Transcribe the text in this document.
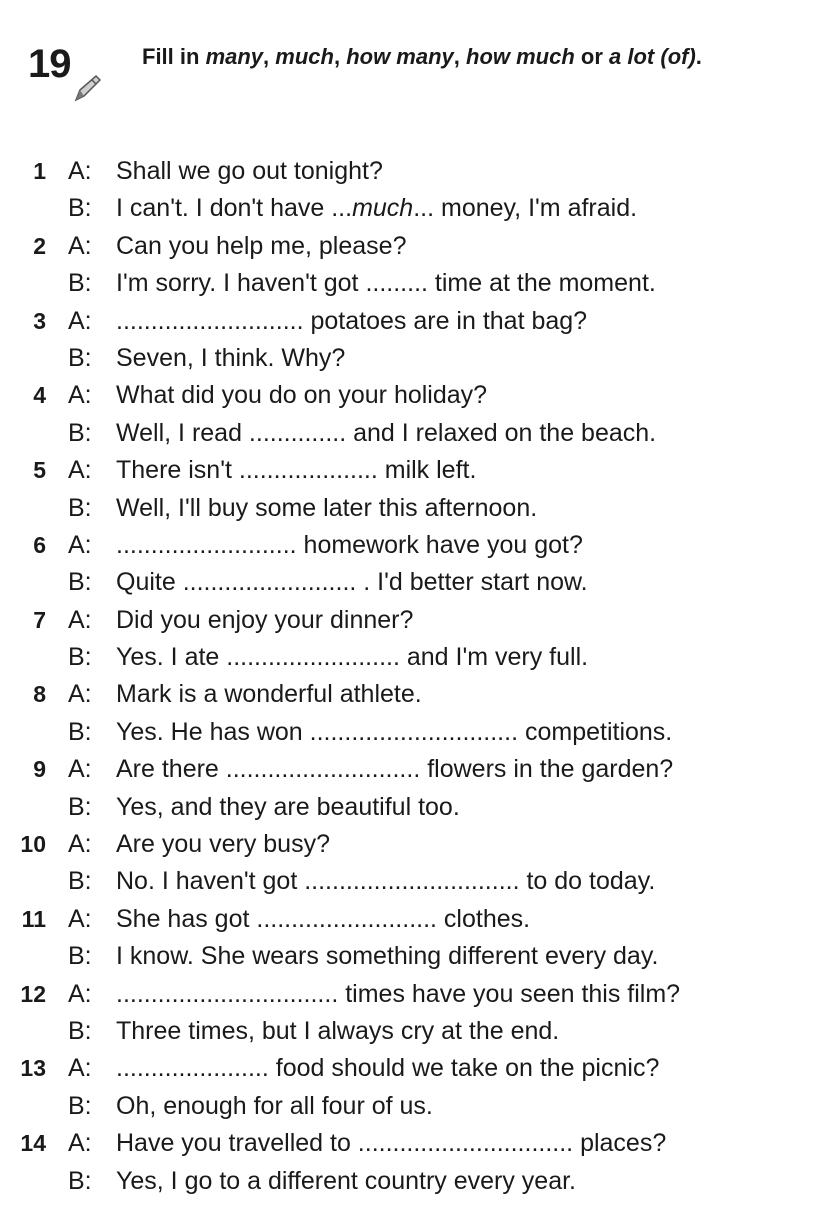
19	Fill in many, much, how many, how much or a lot (of).
1 A: Shall we go out tonight?
B: I can't. I don't have ...much... money, I'm afraid.
2 A: Can you help me, please?
B: I'm sorry. I haven't got ......... time at the moment.
3 A: ........................... potatoes are in that bag?
B: Seven, I think. Why?
4 A: What did you do on your holiday?
B: Well, I read .............. and I relaxed on the beach.
5 A: There isn't .................... milk left.
B: Well, I'll buy some later this afternoon.
6 A: .......................... homework have you got?
B: Quite ......................... . I'd better start now.
7 A: Did you enjoy your dinner?
B: Yes. I ate ......................... and I'm very full.
8 A: Mark is a wonderful athlete.
B: Yes. He has won .............................. competitions.
9 A: Are there ............................ flowers in the garden?
B: Yes, and they are beautiful too.
10 A: Are you very busy?
B: No. I haven't got ............................... to do today.
11 A: She has got .......................... clothes.
B: I know. She wears something different every day.
12 A: ................................ times have you seen this film?
B: Three times, but I always cry at the end.
13 A: ...................... food should we take on the picnic?
B: Oh, enough for all four of us.
14 A: Have you travelled to ............................... places?
B: Yes, I go to a different country every year.
